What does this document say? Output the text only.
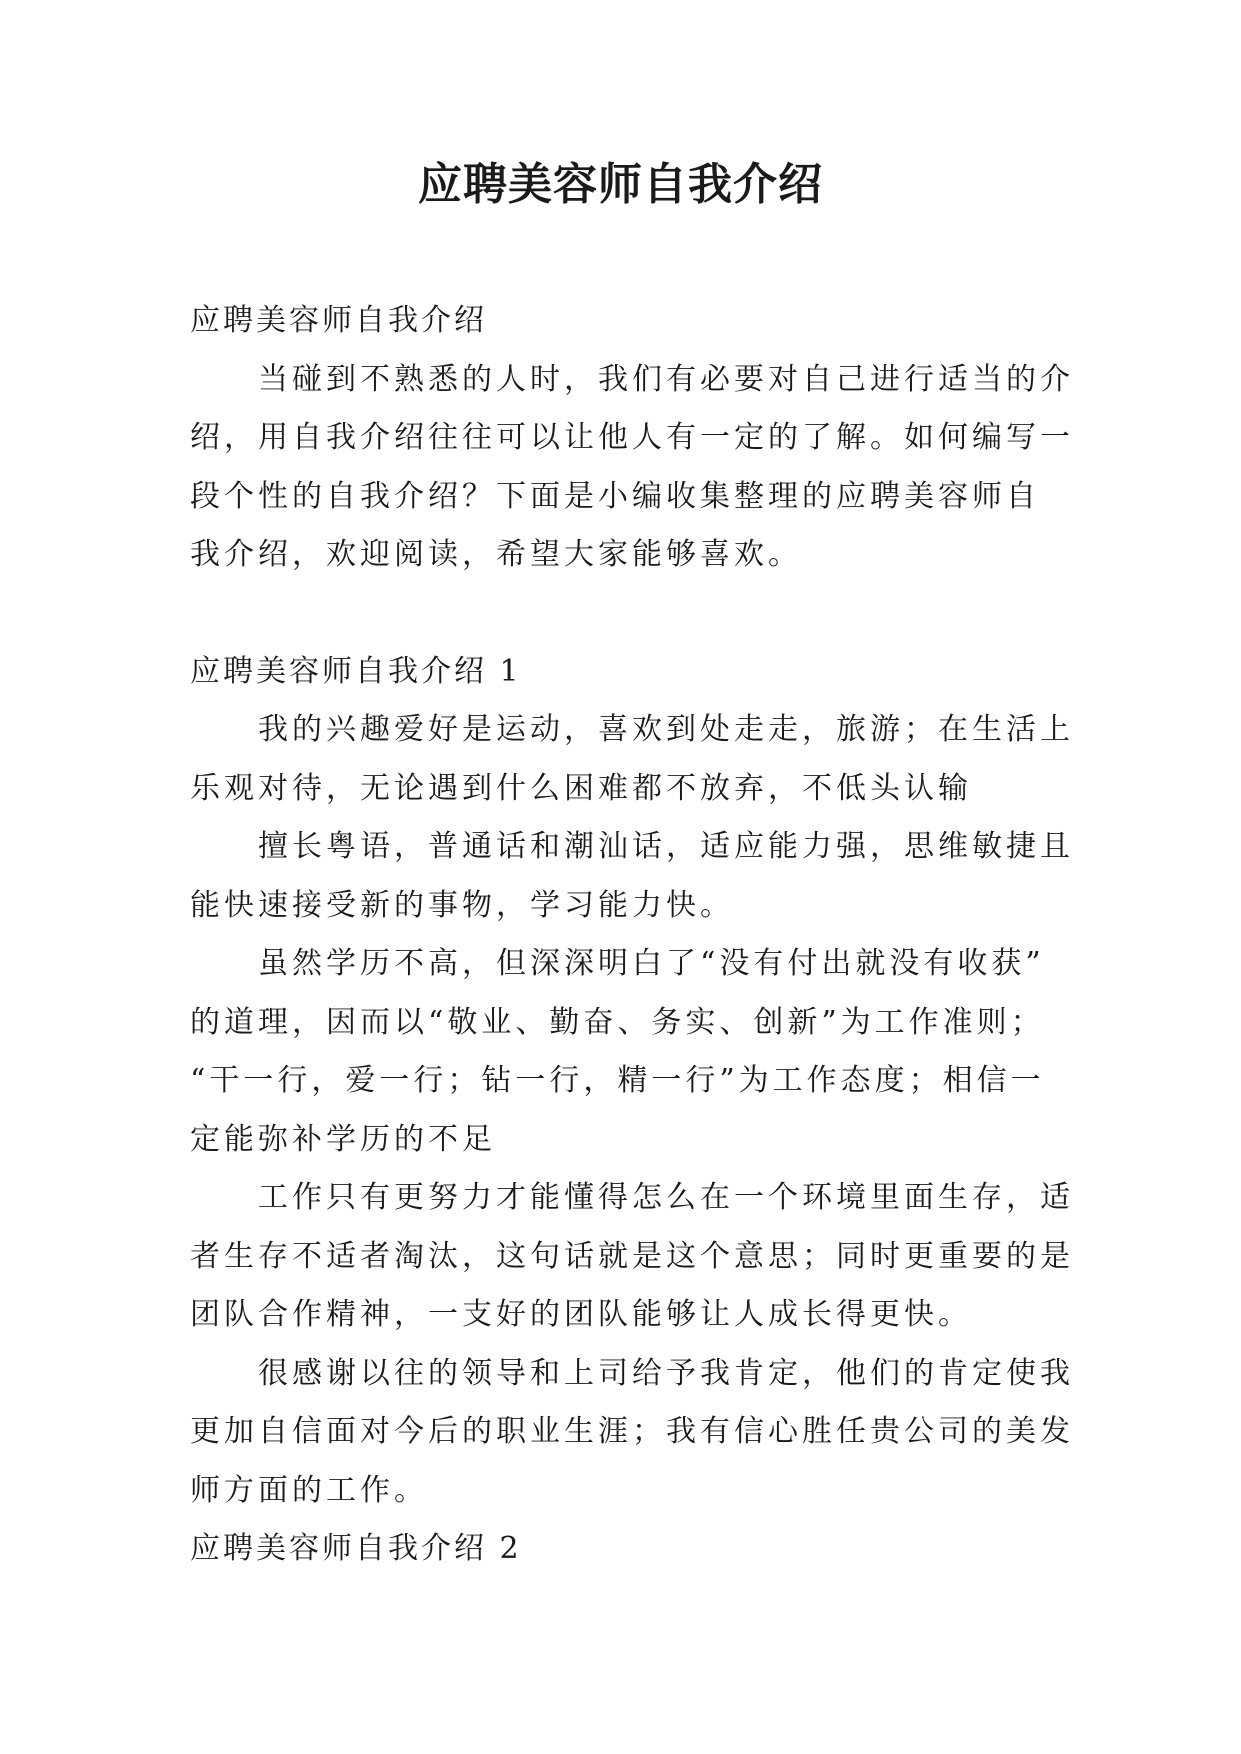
应聘美容师自我介绍

应聘美容师自我介绍

当碰到不熟悉的人时，我们有必要对自己进行适当的介

绍，用自我介绍往往可以让他人有一定的了解。如何编写一

段个性的自我介绍？下面是小编收集整理的应聘美容师自

我介绍，欢迎阅读，希望大家能够喜欢。

应聘美容师自我介绍 1

我的兴趣爱好是运动，喜欢到处走走，旅游；在生活上

乐观对待，无论遇到什么困难都不放弃，不低头认输

擅长粤语，普通话和潮汕话，适应能力强，思维敏捷且

能快速接受新的事物，学习能力快。

虽然学历不高，但深深明白了“没有付出就没有收获”

的道理，因而以“敬业、勤奋、务实、创新”为工作准则；

“干一行，爱一行；钻一行，精一行”为工作态度；相信一

定能弥补学历的不足

工作只有更努力才能懂得怎么在一个环境里面生存，适

者生存不适者淘汰，这句话就是这个意思；同时更重要的是

团队合作精神，一支好的团队能够让人成长得更快。

很感谢以往的领导和上司给予我肯定，他们的肯定使我

更加自信面对今后的职业生涯；我有信心胜任贵公司的美发

师方面的工作。

应聘美容师自我介绍 2
